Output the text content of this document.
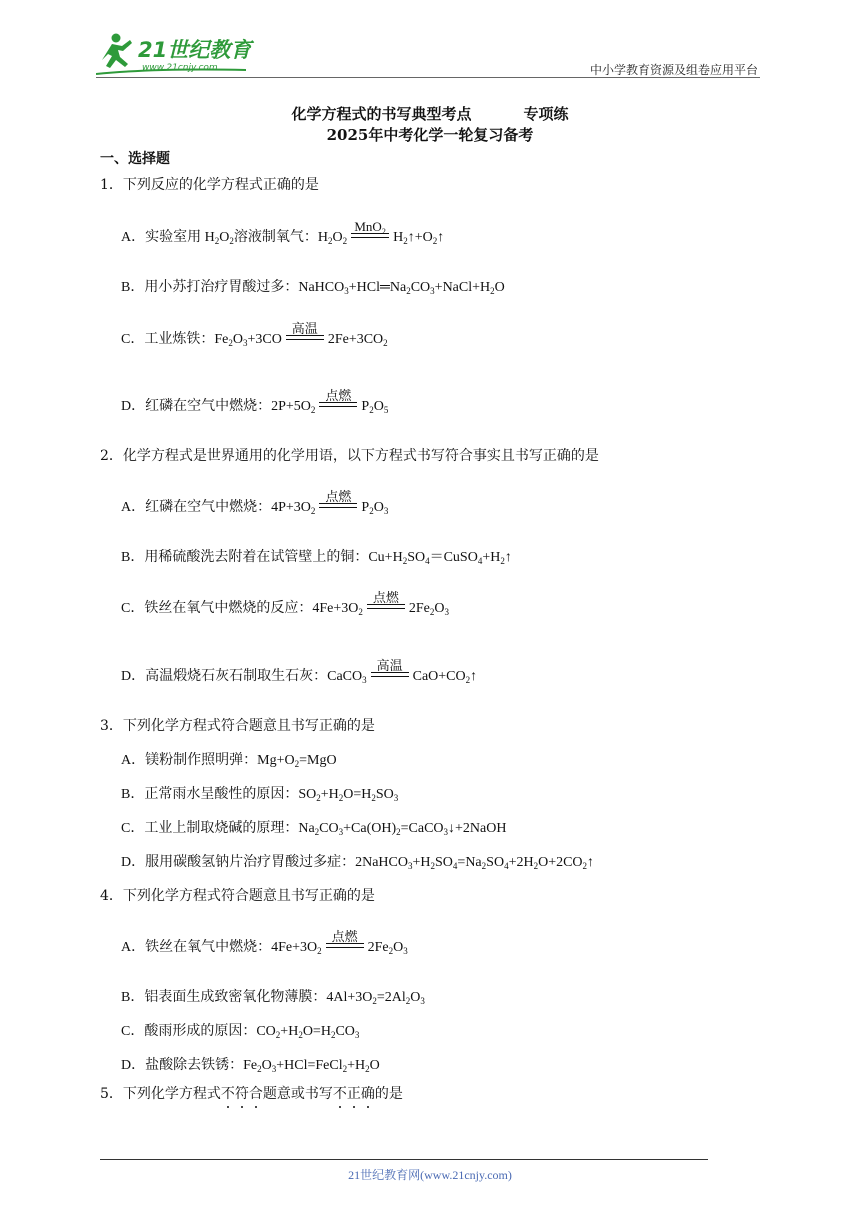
21世纪教育
www.21cnjy.com	中小学教育资源及组卷应用平台
化学方程式的书写典型考点	专项练
2025年中考化学一轮复习备考
一、选择题
1．下列反应的化学方程式正确的是
A．实验室用 $H_2O_2$溶液制氧气：$H_2O_2$
MnO$_2$ $H_2↑+O_2↑$
B．用小苏打治疗胃酸过多：$NaHCO_3+HCl═Na_2CO_3+NaCl+H_2O$
C．工业炼铁：$Fe_2O_3+3CO$
高温
$2Fe+3CO_2$
D．红磷在空气中燃烧：$2P+5O_2$
点燃
$P_2O_5$
2．化学方程式是世界通用的化学用语，以下方程式书写符合事实且书写正确的是
A．红磷在空气中燃烧：$4P+3O_2$
点燃
$P_2O_3$
B．用稀硫酸洗去附着在试管壁上的铜：$Cu+H_2SO_4=CuSO_4+H_2↑$
C．铁丝在氧气中燃烧的反应：$4Fe+3O_2$
点燃
$2Fe_2O_3$
D．高温煅烧石灰石制取生石灰：CaCO$_3$
高温
$CaO+CO_2↑$
3．下列化学方程式符合题意且书写正确的是
A．镁粉制作照明弹：$Mg+O_2=MgO$
B．正常雨水呈酸性的原因：$SO_2+H_2O=H_2SO_3$
C．工业上制取烧碱的原理：$Na_2CO_3+Ca(OH)_2=CaCO_3↓+2NaOH$
D．服用碳酸氢钠片治疗胃酸过多症：$2NaHCO_3+H_2SO_4=Na_2SO_4+2H_2O+2CO_2↑$
4．下列化学方程式符合题意且书写正确的是
A．铁丝在氧气中燃烧：$4Fe+3O_2$
点燃
$2Fe_2O_3$
B．铝表面生成致密氧化物薄膜：$4Al+3O_2=2Al_2O_3$
C．酸雨形成的原因：$CO_2+H_2O=H_2CO_3$
D．盐酸除去铁锈：$Fe_2O_3+HCl=FeCl_2+H_2O$
5．下列化学方程式不符合题意或书写不正确的是
21世纪教育网(www.21cnjy.com)
